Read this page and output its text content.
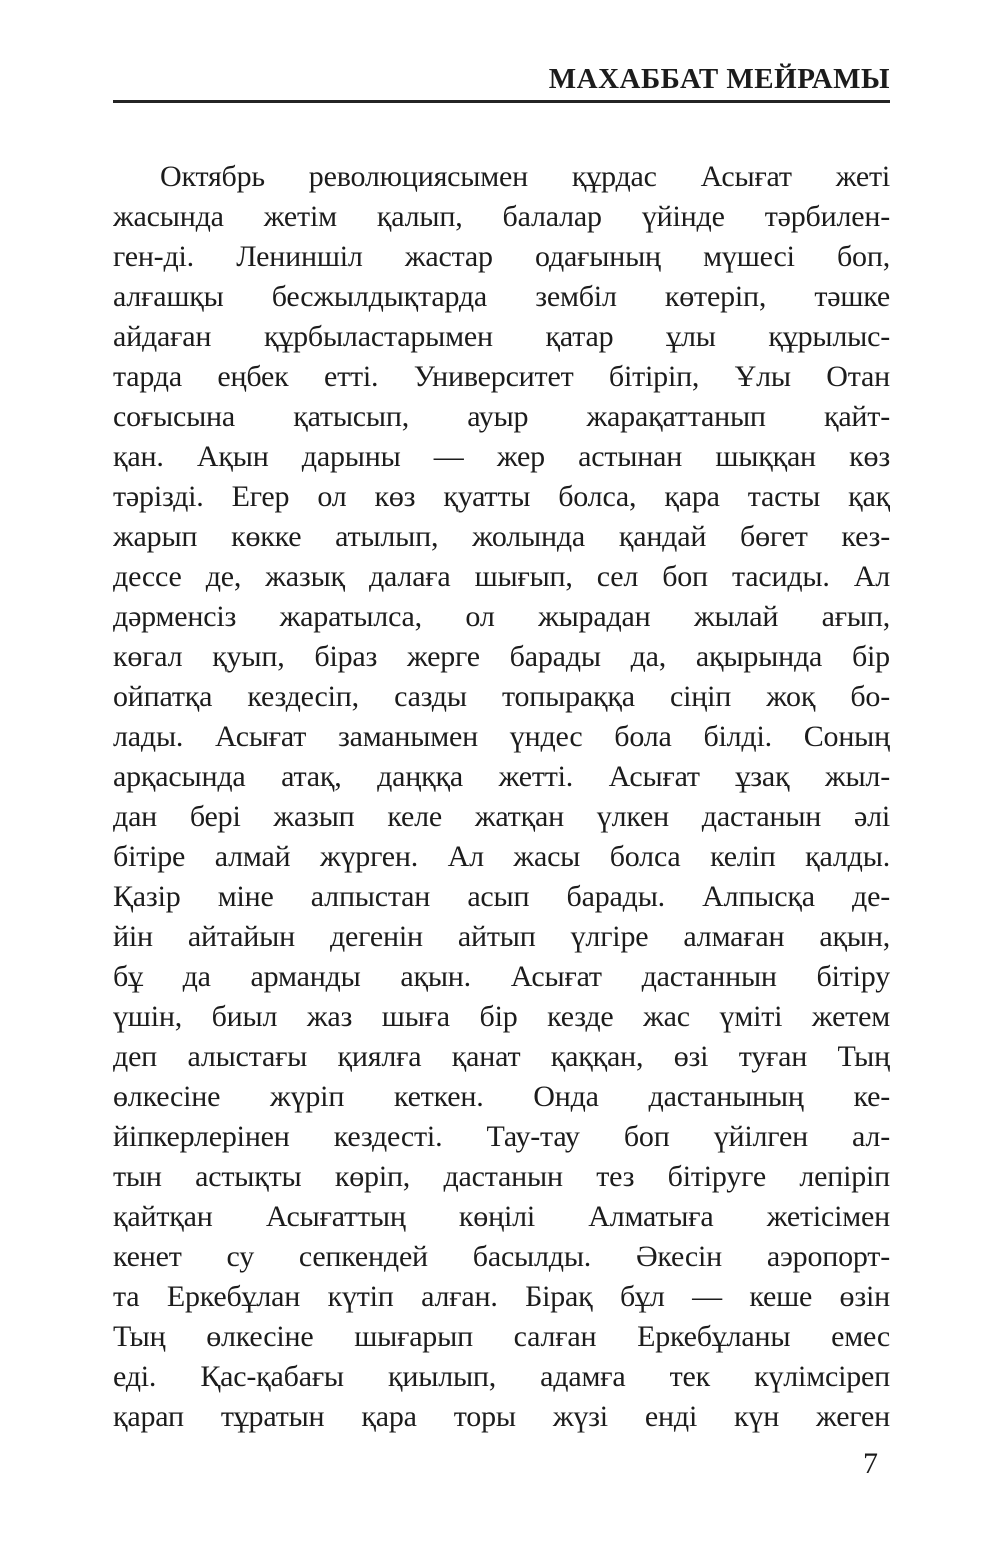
МАХАББАТ МЕЙРАМЫ
Октябрь революциясымен құрдас Асығат жеті
жасында жетім қалып, балалар үйінде тәрбилен-
ген-ді. Лениншіл жастар одағының мүшесі боп,
алғашқы бесжылдықтарда зембіл көтеріп, тәшке
айдаған құрбыластарымен қатар ұлы құрылыс-
тарда еңбек етті. Университет бітіріп, Ұлы Отан
соғысына қатысып, ауыр жарақаттанып қайт-
қан. Ақын дарыны — жер астынан шыққан көз
тәрізді. Егер ол көз қуатты болса, қара тасты қақ
жарып көкке атылып, жолында қандай бөгет кез-
дессе де, жазық далаға шығып, сел боп тасиды. Ал
дәрменсіз жаратылса, ол жырадан жылай ағып,
көгал қуып, біраз жерге барады да, ақырында бір
ойпатқа кездесіп, сазды топыраққа сіңіп жоқ бо-
лады. Асығат заманымен үндес бола білді. Соның
арқасында атақ, даңққа жетті. Асығат ұзақ жыл-
дан бері жазып келе жатқан үлкен дастанын әлі
бітіре алмай жүрген. Ал жасы болса келіп қалды.
Қазір міне алпыстан асып барады. Алпысқа де-
йін айтайын дегенін айтып үлгіре алмаған ақын,
бұ да арманды ақын. Асығат дастаннын бітіру
үшін, биыл жаз шыға бір кезде жас үміті жетем
деп алыстағы қиялға қанат қаққан, өзі туған Тың
өлкесіне жүріп кеткен. Онда дастанының ке-
йіпкерлерінен кездесті. Тау-тау боп үйілген ал-
тын астықты көріп, дастанын тез бітіруге лепіріп
қайтқан Асығаттың көңілі Алматыға жетісімен
кенет су сепкендей басылды. Әкесін аэропорт-
та Еркебұлан күтіп алған. Бірақ бұл — кеше өзін
Тың өлкесіне шығарып салған Еркебұланы емес
еді. Қас-қабағы қиылып, адамға тек күлімсіреп
қарап тұратын қара торы жүзі енді күн жеген
7
